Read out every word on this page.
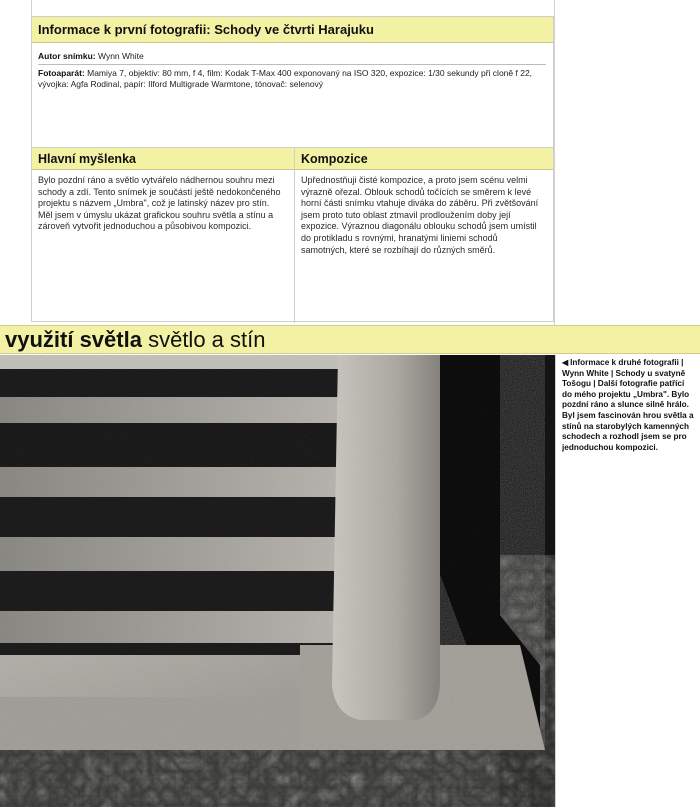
Informace k první fotografii: Schody ve čtvrti Harajuku
Autor snímku: Wynn White
Fotoaparát: Mamiya 7, objektiv: 80 mm, f 4, film: Kodak T-Max 400 exponovaný na ISO 320, expozice: 1/30 sekundy při cloně f 22, vývojka: Agfa Rodinal, papír: Ilford Multigrade Warmtone, tónovač: selenový
Hlavní myšlenka	Kompozice
Bylo pozdní ráno a světlo vytvářelo nádhernou souhru mezi schody a zdí. Tento snímek je součástí ještě nedokončeného projektu s názvem „Umbra", což je latinský název pro stín. Měl jsem v úmyslu ukázat grafickou souhru světla a stínu a zároveň vytvořit jednoduchou a působivou kompozici.
Upřednostňuji čisté kompozice, a proto jsem scénu velmi výrazně ořezal. Oblouk schodů točících se směrem k levé horní části snímku vtahuje diváka do záběru. Při zvětšování jsem proto tuto oblast ztmavil prodloužením doby její expozice. Výraznou diagonálu oblouku schodů jsem umístil do protikladu s rovnými, hranatými liniemi schodů samotných, které se rozbíhají do různých směrů.
využití světla světlo a stín
◀ Informace k druhé fotografii | Wynn White | Schody u svatyně Tošogu | Další fotografie patřící do mého projektu „Umbra". Bylo pozdní ráno a slunce silně hrálo. Byl jsem fascinován hrou světla a stínů na starobylých kamenných schodech a rozhodl jsem se pro jednoduchou kompozici.
